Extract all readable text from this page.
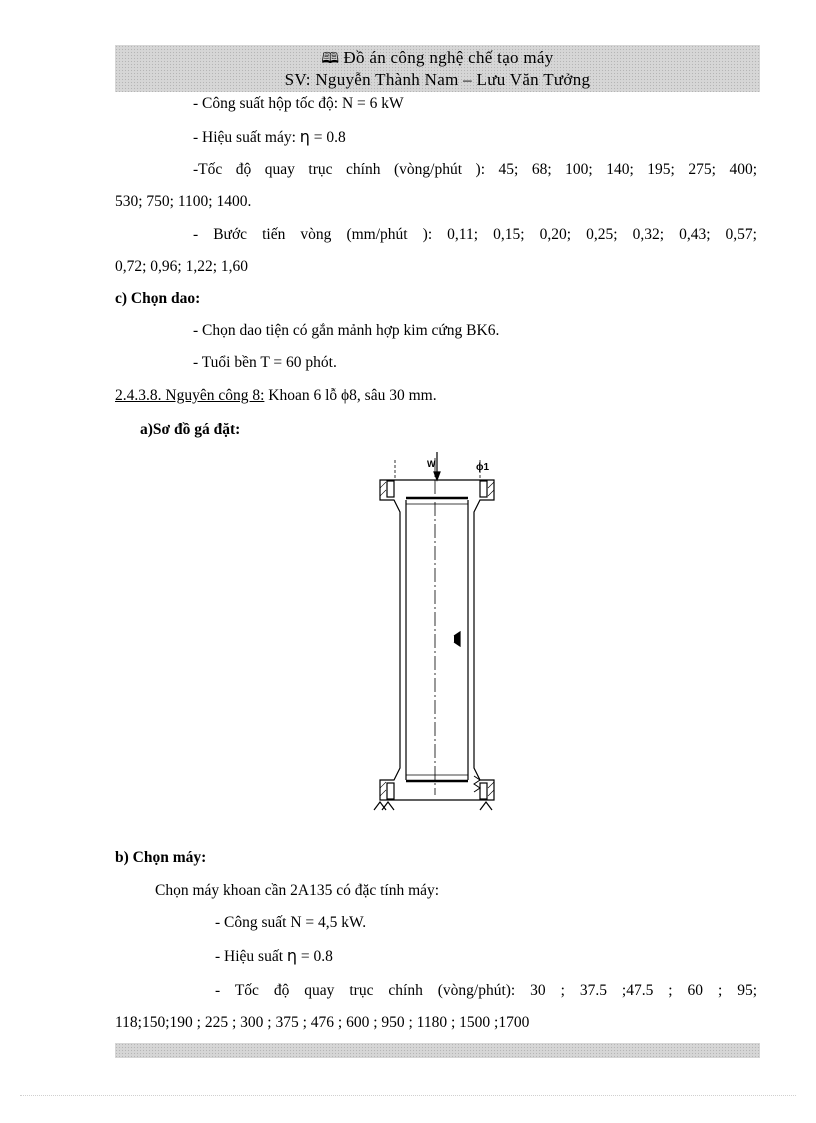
🕮 Đồ án công nghệ chế tạo máy
SV: Nguyễn Thành Nam – Lưu Văn Tưởng
- Công suất hộp tốc độ: N = 6 kW
- Hiệu suất máy: η = 0.8
-Tốc độ quay trục chính (vòng/phút ): 45; 68; 100; 140; 195; 275; 400;
530; 750; 1100; 1400.
- Bước tiến vòng (mm/phút ): 0,11; 0,15; 0,20; 0,25; 0,32; 0,43; 0,57;
0,72; 0,96; 1,22; 1,60
c) Chọn dao:
- Chọn dao tiện có gắn mảnh hợp kim cứng BK6.
- Tuổi bền T = 60 phót.
2.4.3.8. Nguyên công 8: Khoan 6 lỗ ϕ8, sâu 30 mm.
a)Sơ đồ gá đặt:
W	ϕ1
b) Chọn máy:
Chọn máy khoan cần 2A135 có đặc tính máy:
- Công suất N = 4,5 kW.
- Hiệu suất η = 0.8
- Tốc độ quay trục chính (vòng/phút): 30 ; 37.5 ;47.5 ; 60 ; 95;
118;150;190 ; 225 ; 300 ; 375 ; 476 ; 600 ; 950 ; 1180 ; 1500 ;1700
